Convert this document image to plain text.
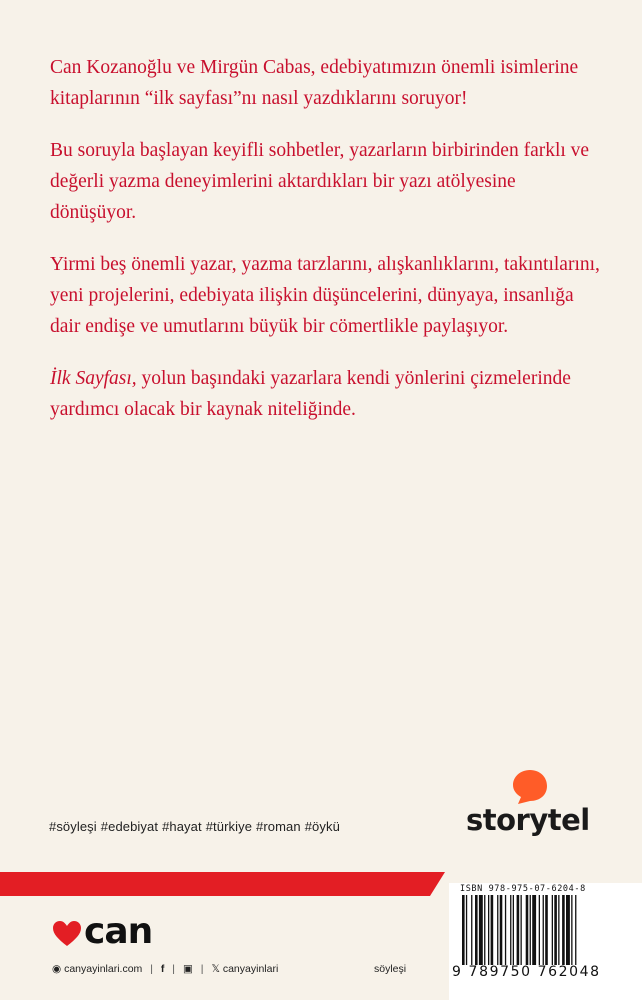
Can Kozanoğlu ve Mirgün Cabas, edebiyatımızın önemli isimlerine kitaplarının “ilk sayfası”nı nasıl yazdıklarını soruyor!

Bu soruyla başlayan keyifli sohbetler, yazarların birbirinden farklı ve değerli yazma deneyimlerini aktardıkları bir yazı atölyesine dönüşüyor.

Yirmi beş önemli yazar, yazma tarzlarını, alışkanlıklarını, takıntılarını, yeni projelerini, edebiyata ilişkin düşüncelerini, dünyaya, insanlığa dair endişe ve umutlarını büyük bir cömertlikle paylaşıyor.

İlk Sayfası, yolun başındaki yazarlara kendi yönlerini çizmelerinde yardımcı olacak bir kaynak niteliğinde.

#söyleşi #edebiyat #hayat #türkiye #roman #öykü	storytel
can
◉ canyayinlari.com | f | ▣ | 𝕏 canyayinlari	söyleşi
ISBN 978-975-07-6204-8
9 789750 762048
